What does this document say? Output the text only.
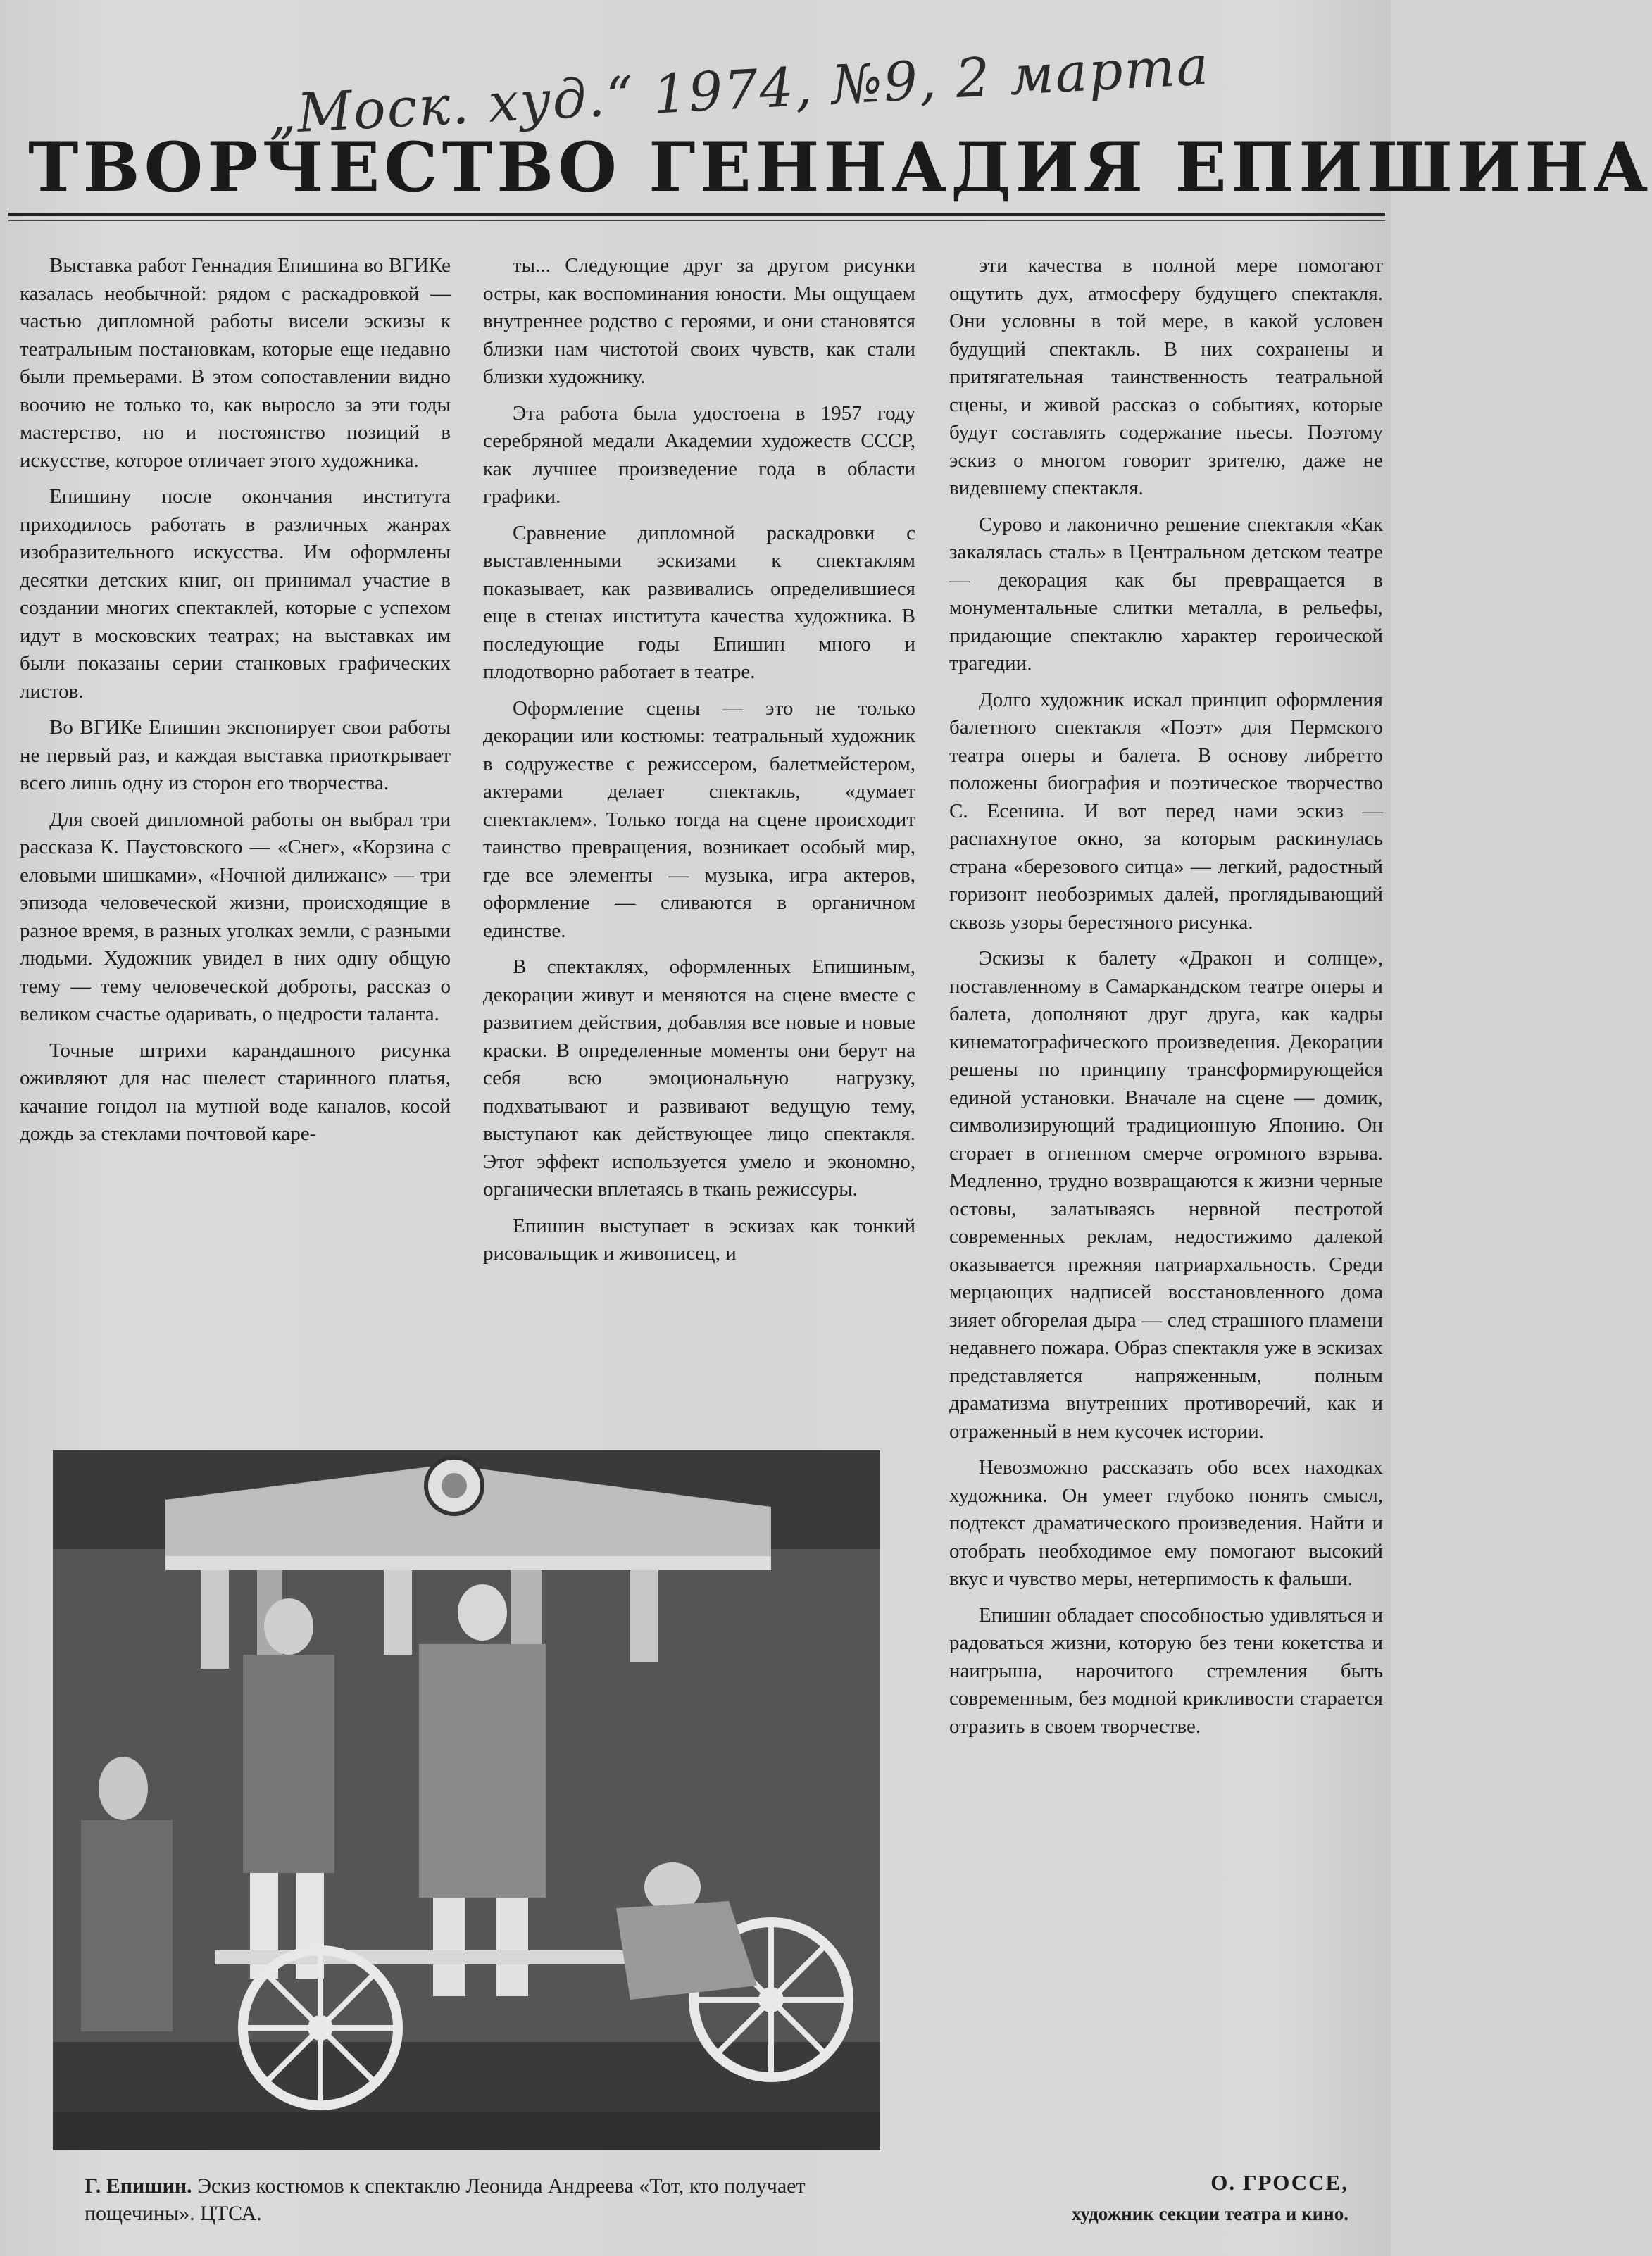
„Моск. худ.“ 1974, №9, 2 марта
ТВОРЧЕСТВО ГЕННАДИЯ ЕПИШИНА

Выставка работ Геннадия Епишина во ВГИКе казалась необычной: рядом с раскадровкой — частью дипломной работы висели эскизы к театральным постановкам, которые еще недавно были премьерами. В этом сопоставлении видно воочию не только то, как выросло за эти годы мастерство, но и постоянство позиций в искусстве, которое отличает этого художника.

Епишину после окончания института приходилось работать в различных жанрах изобразительного искусства. Им оформлены десятки детских книг, он принимал участие в создании многих спектаклей, которые с успехом идут в московских театрах; на выставках им были показаны серии станковых графических листов.

Во ВГИКе Епишин экспонирует свои работы не первый раз, и каждая выставка приоткрывает всего лишь одну из сторон его творчества.

Для своей дипломной работы он выбрал три рассказа К. Паустовского — «Снег», «Корзина с еловыми шишками», «Ночной дилижанс» — три эпизода человеческой жизни, происходящие в разное время, в разных уголках земли, с разными людьми. Художник увидел в них одну общую тему — тему человеческой доброты, рассказ о великом счастье одаривать, о щедрости таланта.

Точные штрихи карандашного рисунка оживляют для нас шелест старинного платья, качание гондол на мутной воде каналов, косой дождь за стеклами почтовой каре-

ты... Следующие друг за другом рисунки остры, как воспоминания юности. Мы ощущаем внутреннее родство с героями, и они становятся близки нам чистотой своих чувств, как стали близки художнику.

Эта работа была удостоена в 1957 году серебряной медали Академии художеств СССР, как лучшее произведение года в области графики.

Сравнение дипломной раскадровки с выставленными эскизами к спектаклям показывает, как развивались определившиеся еще в стенах института качества художника. В последующие годы Епишин много и плодотворно работает в театре.

Оформление сцены — это не только декорации или костюмы: театральный художник в содружестве с режиссером, балетмейстером, актерами делает спектакль, «думает спектаклем». Только тогда на сцене происходит таинство превращения, возникает особый мир, где все элементы — музыка, игра актеров, оформление — сливаются в органичном единстве.

В спектаклях, оформленных Епишиным, декорации живут и меняются на сцене вместе с развитием действия, добавляя все новые и новые краски. В определенные моменты они берут на себя всю эмоциональную нагрузку, подхватывают и развивают ведущую тему, выступают как действующее лицо спектакля. Этот эффект используется умело и экономно, органически вплетаясь в ткань режиссуры.

Епишин выступает в эскизах как тонкий рисовальщик и живописец, и

эти качества в полной мере помогают ощутить дух, атмосферу будущего спектакля. Они условны в той мере, в какой условен будущий спектакль. В них сохранены и притягательная таинственность театральной сцены, и живой рассказ о событиях, которые будут составлять содержание пьесы. Поэтому эскиз о многом говорит зрителю, даже не видевшему спектакля.

Сурово и лаконично решение спектакля «Как закалялась сталь» в Центральном детском театре — декорация как бы превращается в монументальные слитки металла, в рельефы, придающие спектаклю характер героической трагедии.

Долго художник искал принцип оформления балетного спектакля «Поэт» для Пермского театра оперы и балета. В основу либретто положены биография и поэтическое творчество С. Есенина. И вот перед нами эскиз — распахнутое окно, за которым раскинулась страна «березового ситца» — легкий, радостный горизонт необозримых далей, проглядывающий сквозь узоры берестяного рисунка.

Эскизы к балету «Дракон и солнце», поставленному в Самаркандском театре оперы и балета, дополняют друг друга, как кадры кинематографического произведения. Декорации решены по принципу трансформирующейся единой установки. Вначале на сцене — домик, символизирующий традиционную Японию. Он сгорает в огненном смерче огромного взрыва. Медленно, трудно возвращаются к жизни черные остовы, залатываясь нервной пестротой современных реклам, недостижимо далекой оказывается прежняя патриархальность. Среди мерцающих надписей восстановленного дома зияет обгорелая дыра — след страшного пламени недавнего пожара. Образ спектакля уже в эскизах представляется напряженным, полным драматизма внутренних противоречий, как и отраженный в нем кусочек истории.

Невозможно рассказать обо всех находках художника. Он умеет глубоко понять смысл, подтекст драматического произведения. Найти и отобрать необходимое ему помогают высокий вкус и чувство меры, нетерпимость к фальши.

Епишин обладает способностью удивляться и радоваться жизни, которую без тени кокетства и наигрыша, нарочитого стремления быть современным, без модной крикливости старается отразить в своем творчестве.

Г. Епишин. Эскиз костюмов к спектаклю Леонида Андреева «Тот, кто получает пощечины». ЦТСА.
О. ГРОССЕ,
художник секции театра и кино.
